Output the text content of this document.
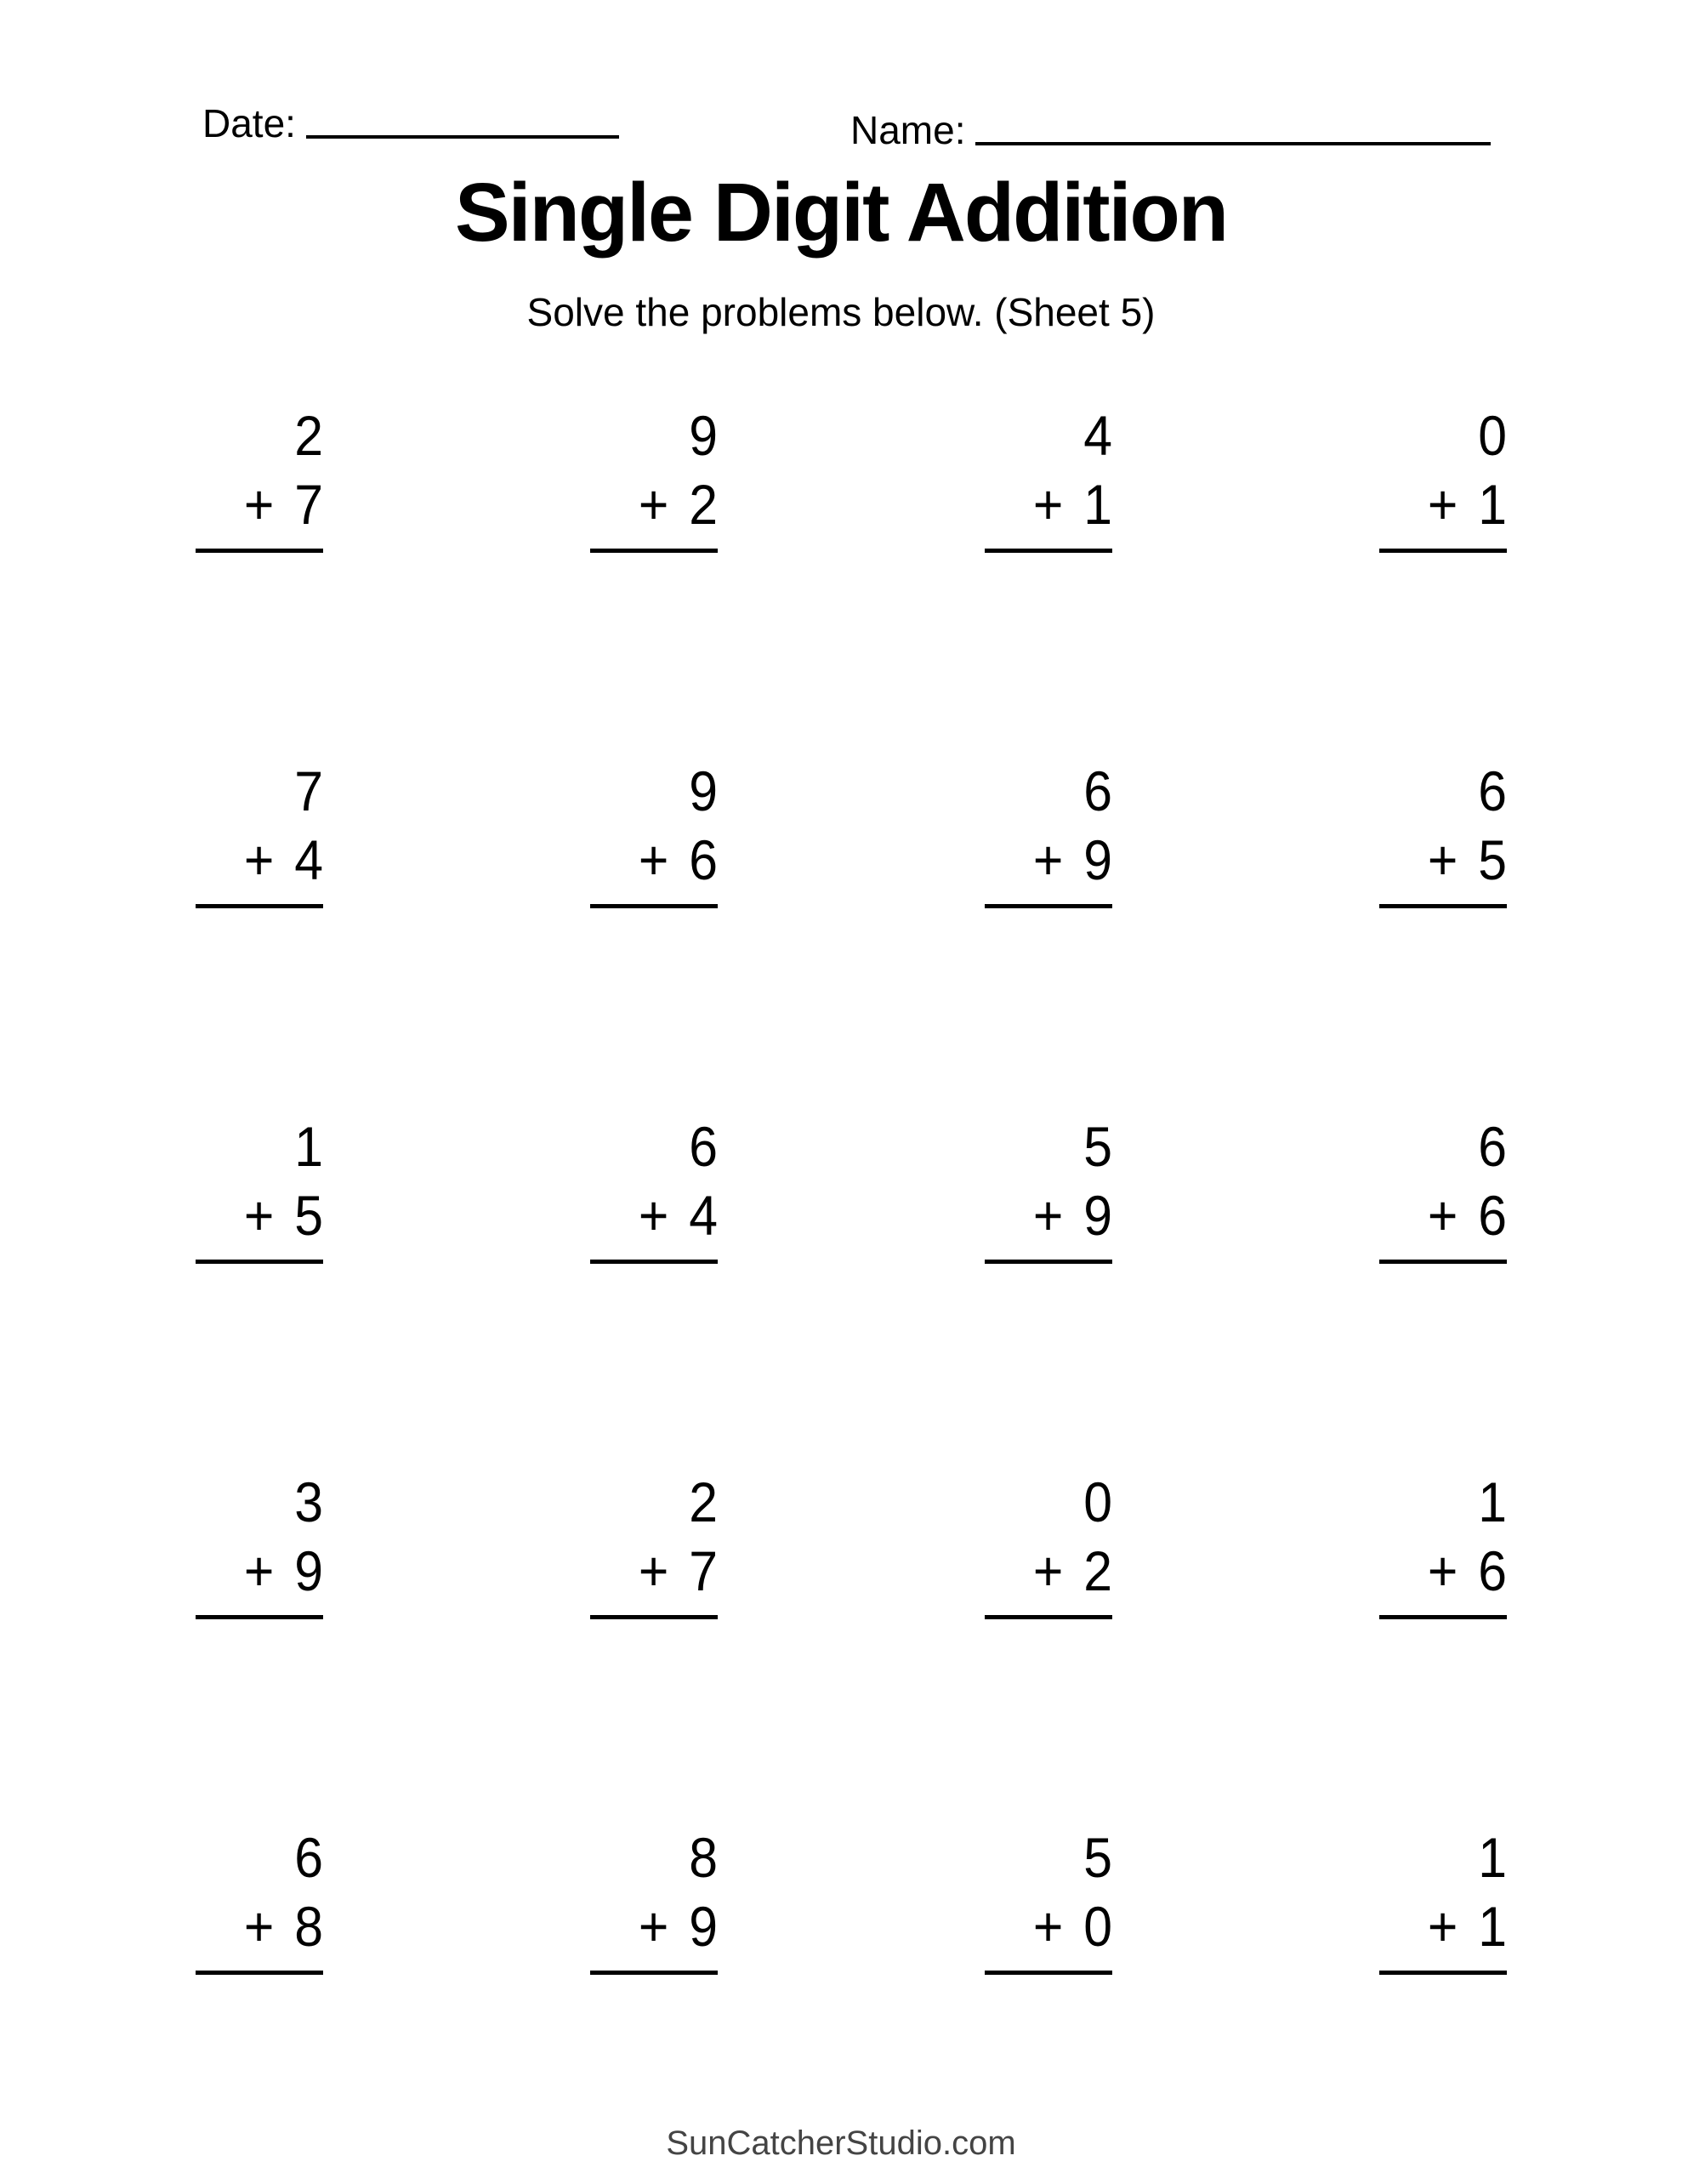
Date:	Name:
Single Digit Addition
Solve the problems below. (Sheet 5)
2
+ 7
9
+ 2
4
+ 1
0
+ 1
7
+ 4
9
+ 6
6
+ 9
6
+ 5
1
+ 5
6
+ 4
5
+ 9
6
+ 6
3
+ 9
2
+ 7
0
+ 2
1
+ 6
6
+ 8
8
+ 9
5
+ 0
1
+ 1
SunCatcherStudio.com
